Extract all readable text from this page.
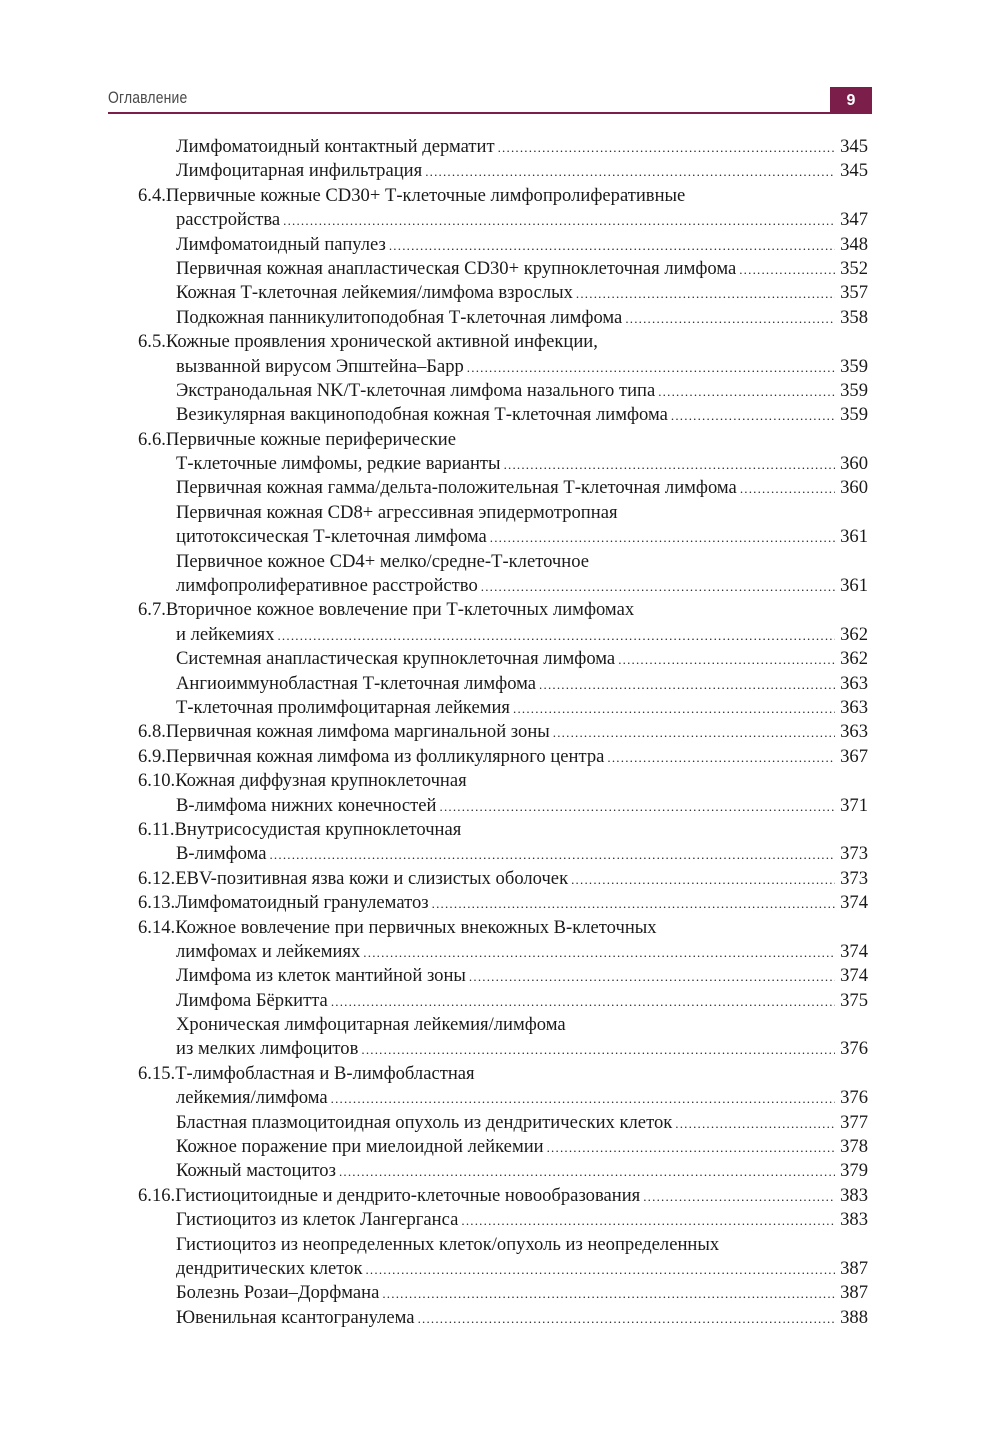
Оглавление	9
Лимфоматоидный контактный дерматит .....	345
Лимфоцитарная инфильтрация .....	345
6.4. Первичные кожные CD30+ Т-клеточные лимфопролиферативные
расстройства .....	347
Лимфоматоидный папулез .....	348
Первичная кожная анапластическая CD30+ крупноклеточная лимфома .....	352
Кожная Т-клеточная лейкемия/лимфома взрослых .....	357
Подкожная панникулитоподобная Т-клеточная лимфома .....	358
6.5. Кожные проявления хронической активной инфекции,
вызванной вирусом Эпштейна–Барр .....	359
Экстранодальная NK/Т-клеточная лимфома назального типа .....	359
Везикулярная вакциноподобная кожная Т-клеточная лимфома .....	359
6.6. Первичные кожные периферические
Т-клеточные лимфомы, редкие варианты .....	360
Первичная кожная гамма/дельта-положительная Т-клеточная лимфома .....	360
Первичная кожная CD8+ агрессивная эпидермотропная
цитотоксическая Т-клеточная лимфома .....	361
Первичное кожное CD4+ мелко/средне-Т-клеточное
лимфопролиферативное расстройство .....	361
6.7. Вторичное кожное вовлечение при Т-клеточных лимфомах
и лейкемиях .....	362
Системная анапластическая крупноклеточная лимфома .....	362
Ангиоиммунобластная Т-клеточная лимфома .....	363
Т-клеточная пролимфоцитарная лейкемия .....	363
6.8. Первичная кожная лимфома маргинальной зоны .....	363
6.9. Первичная кожная лимфома из фолликулярного центра .....	367
6.10. Кожная диффузная крупноклеточная
В-лимфома нижних конечностей .....	371
6.11. Внутрисосудистая крупноклеточная
В-лимфома .....	373
6.12. EBV-позитивная язва кожи и слизистых оболочек .....	373
6.13. Лимфоматоидный гранулематоз .....	374
6.14. Кожное вовлечение при первичных внекожных В-клеточных
лимфомах и лейкемиях .....	374
Лимфома из клеток мантийной зоны .....	374
Лимфома Бёркитта .....	375
Хроническая лимфоцитарная лейкемия/лимфома
из мелких лимфоцитов .....	376
6.15. Т-лимфобластная и В-лимфобластная
лейкемия/лимфома .....	376
Бластная плазмоцитоидная опухоль из дендритических клеток .....	377
Кожное поражение при миелоидной лейкемии .....	378
Кожный мастоцитоз .....	379
6.16. Гистиоцитоидные и дендрито-клеточные новообразования .....	383
Гистиоцитоз из клеток Лангерганса .....	383
Гистиоцитоз из неопределенных клеток/опухоль из неопределенных
дендритических клеток .....	387
Болезнь Розаи–Дорфмана .....	387
Ювенильная ксантогранулема .....	388
